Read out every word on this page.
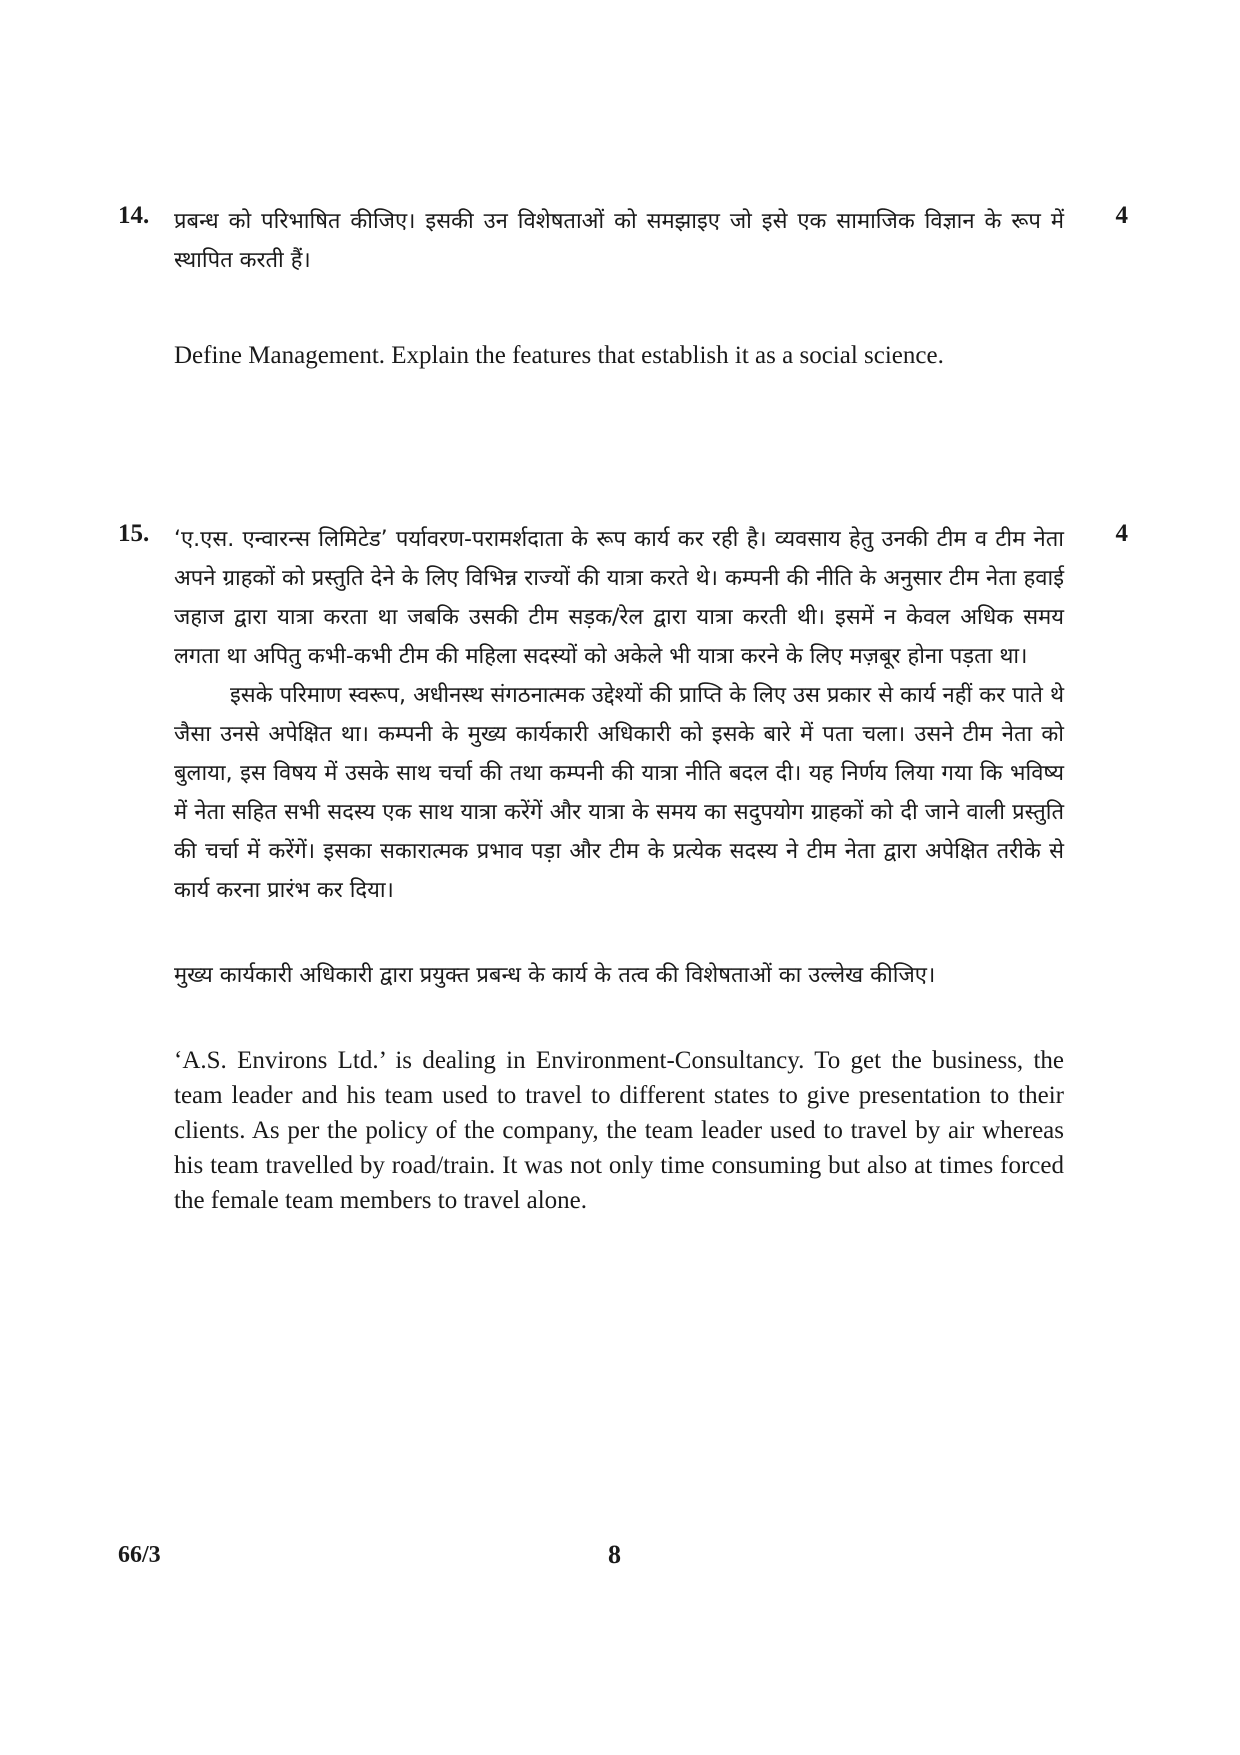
14.	4

प्रबन्ध को परिभाषित कीजिए। इसकी उन विशेषताओं को समझाइए जो इसे एक सामाजिक विज्ञान के रूप में स्थापित करती हैं।

Define Management. Explain the features that establish it as a social science.

15.	4

‘ए.एस. एन्वारन्स लिमिटेड’ पर्यावरण-परामर्शदाता के रूप कार्य कर रही है। व्यवसाय हेतु उनकी टीम व टीम नेता अपने ग्राहकों को प्रस्तुति देने के लिए विभिन्न राज्यों की यात्रा करते थे। कम्पनी की नीति के अनुसार टीम नेता हवाई जहाज द्वारा यात्रा करता था जबकि उसकी टीम सड़क/रेल द्वारा यात्रा करती थी। इसमें न केवल अधिक समय लगता था अपितु कभी-कभी टीम की महिला सदस्यों को अकेले भी यात्रा करने के लिए मज़बूर होना पड़ता था।

इसके परिमाण स्वरूप, अधीनस्थ संगठनात्मक उद्देश्यों की प्राप्ति के लिए उस प्रकार से कार्य नहीं कर पाते थे जैसा उनसे अपेक्षित था। कम्पनी के मुख्य कार्यकारी अधिकारी को इसके बारे में पता चला। उसने टीम नेता को बुलाया, इस विषय में उसके साथ चर्चा की तथा कम्पनी की यात्रा नीति बदल दी। यह निर्णय लिया गया कि भविष्य में नेता सहित सभी सदस्य एक साथ यात्रा करेंगें और यात्रा के समय का सदुपयोग ग्राहकों को दी जाने वाली प्रस्तुति की चर्चा में करेंगें। इसका सकारात्मक प्रभाव पड़ा और टीम के प्रत्येक सदस्य ने टीम नेता द्वारा अपेक्षित तरीके से कार्य करना प्रारंभ कर दिया।

मुख्य कार्यकारी अधिकारी द्वारा प्रयुक्त प्रबन्ध के कार्य के तत्व की विशेषताओं का उल्लेख कीजिए।

‘A.S. Environs Ltd.’ is dealing in Environment-Consultancy. To get the business, the team leader and his team used to travel to different states to give presentation to their clients. As per the policy of the company, the team leader used to travel by air whereas his team travelled by road/train. It was not only time consuming but also at times forced the female team members to travel alone.

66/3	8
